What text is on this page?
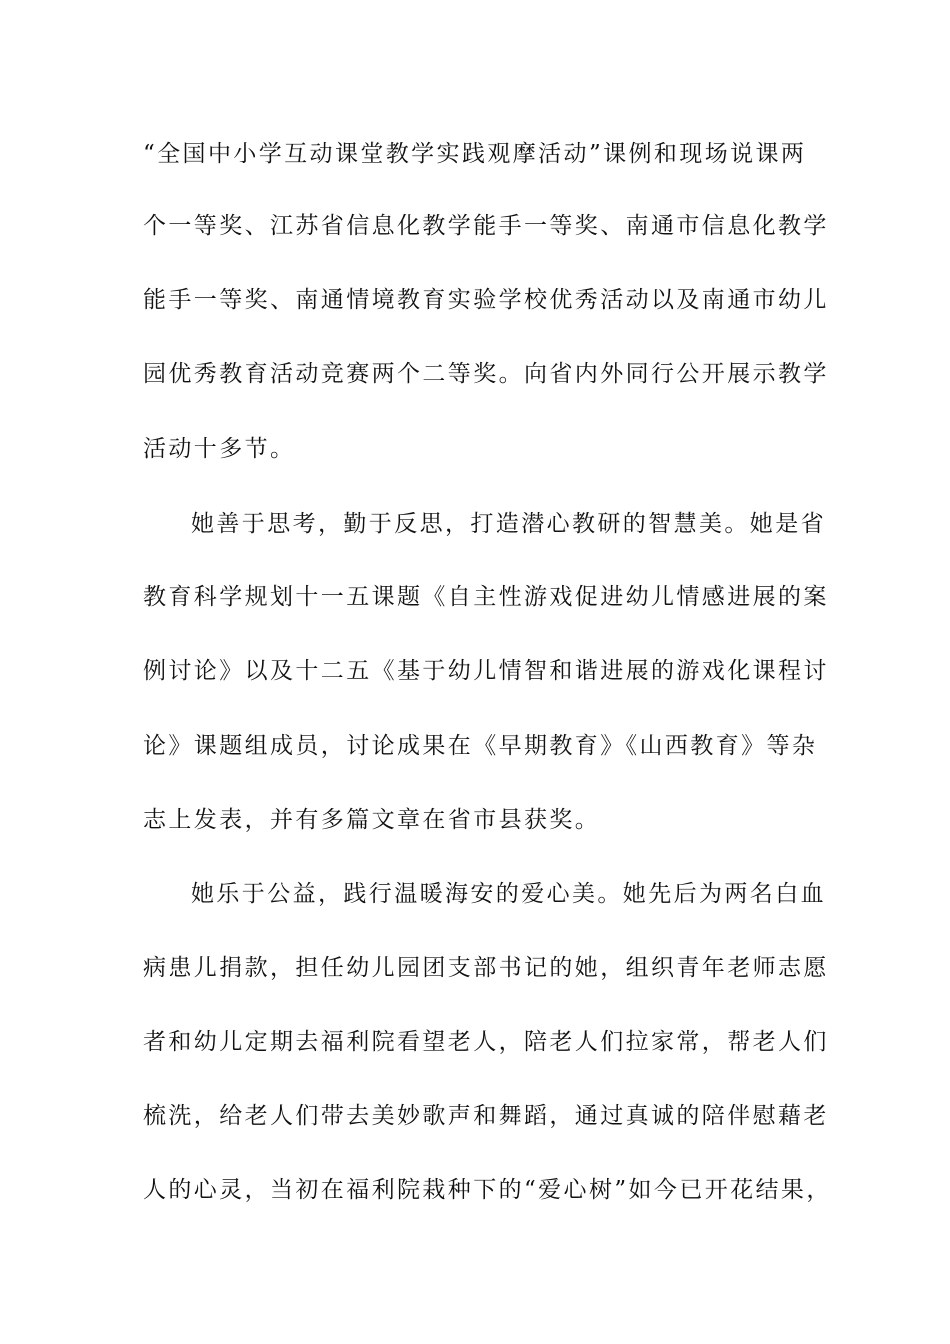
“全国中小学互动课堂教学实践观摩活动”课例和现场说课两
个一等奖、江苏省信息化教学能手一等奖、南通市信息化教学
能手一等奖、南通情境教育实验学校优秀活动以及南通市幼儿
园优秀教育活动竞赛两个二等奖。向省内外同行公开展示教学
活动十多节。
她善于思考，勤于反思，打造潜心教研的智慧美。她是省
教育科学规划十一五课题《自主性游戏促进幼儿情感进展的案
例讨论》以及十二五《基于幼儿情智和谐进展的游戏化课程讨
论》课题组成员，讨论成果在《早期教育》《山西教育》等杂
志上发表，并有多篇文章在省市县获奖。
她乐于公益，践行温暖海安的爱心美。她先后为两名白血
病患儿捐款，担任幼儿园团支部书记的她，组织青年老师志愿
者和幼儿定期去福利院看望老人，陪老人们拉家常，帮老人们
梳洗，给老人们带去美妙歌声和舞蹈，通过真诚的陪伴慰藉老
人的心灵，当初在福利院栽种下的“爱心树”如今已开花结果，
